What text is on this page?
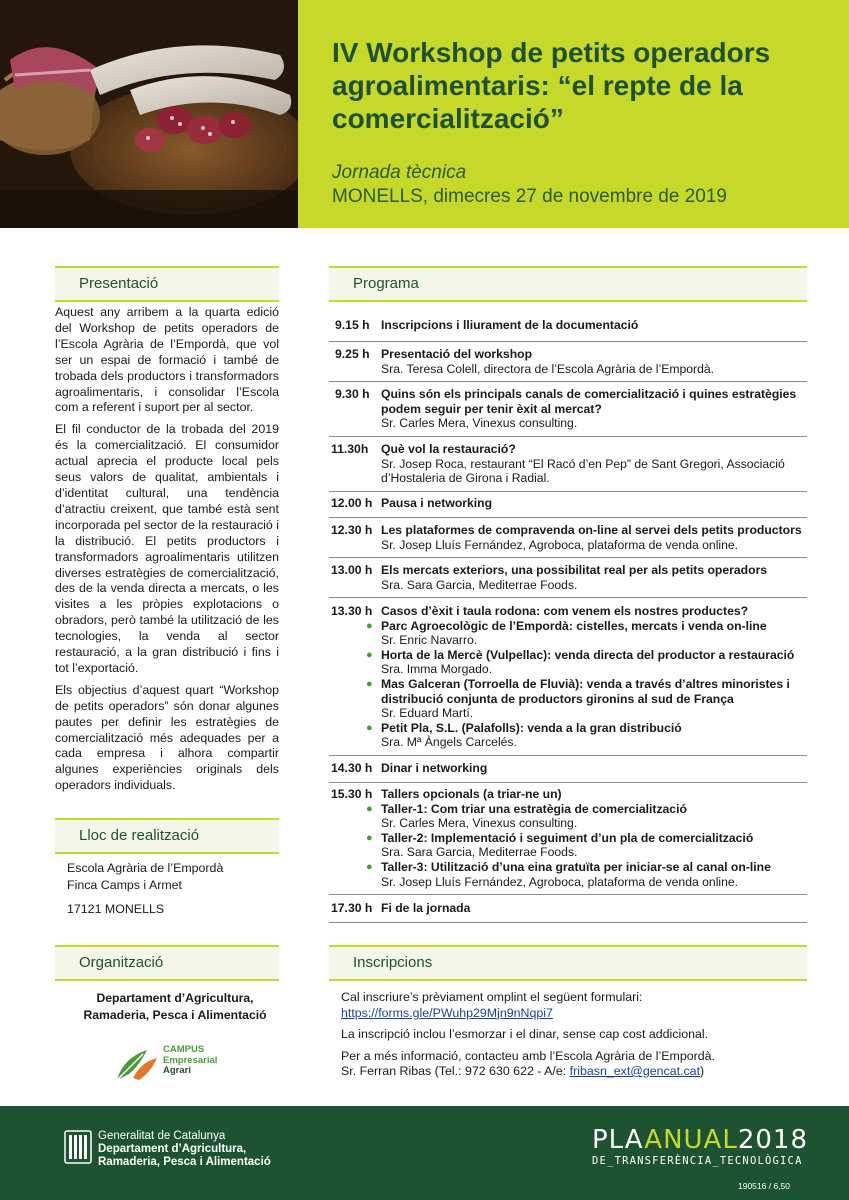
IV Workshop de petits operadors agroalimentaris: “el repte de la comercialització”
Jornada tècnica
MONELLS, dimecres 27 de novembre de 2019
Presentació

Aquest any arribem a la quarta edició del Workshop de petits operadors de l’Escola Agrària de l’Empordà, que vol ser un espai de formació i també de trobada dels productors i transformadors agroalimentaris, i consolidar l’Escola com a referent i suport per al sector.

El fil conductor de la trobada del 2019 és la comercialització. El consumidor actual aprecia el producte local pels seus valors de qualitat, ambientals i d’identitat cultural, una tendència d’atractiu creixent, que també està sent incorporada pel sector de la restauració i la distribució. El petits productors i transformadors agroalimentaris utilitzen diverses estratègies de comercialització, des de la venda directa a mercats, o les visites a les pròpies explotacions o obradors, però també la utilització de les tecnologies, la venda al sector restauració, a la gran distribució i fins i tot l’exportació.

Els objectius d’aquest quart “Workshop de petits operadors” són donar algunes pautes per definir les estratègies de comercialització més adequades per a cada empresa i alhora compartir algunes experiències originals dels operadors individuals.

Lloc de realització
Escola Agrària de l’Empordà
Finca Camps i Armet
17121 MONELLS
Organització
Departament d’Agricultura,
Ramaderia, Pesca i Alimentació
CAMPUS
Empresarial
Agrari
Programa
9.15 h Inscripcions i lliurament de la documentació
9.25 h Presentació del workshop
Sra. Teresa Colell, directora de l’Escola Agrària de l’Empordà.
9.30 h Quins són els principals canals de comercialització i quines estratègies podem seguir per tenir èxit al mercat?
Sr. Carles Mera, Vinexus consulting.
11.30h Què vol la restauració?
Sr. Josep Roca, restaurant “El Racó d’en Pep” de Sant Gregori, Associació d’Hostaleria de Girona i Radial.
12.00 h Pausa i networking
12.30 h Les plataformes de compravenda on-line al servei dels petits productors
Sr. Josep Lluís Fernández, Agroboca, plataforma de venda online.
13.00 h Els mercats exteriors, una possibilitat real per als petits operadors
Sra. Sara Garcia, Mediterrae Foods.
13.30 h Casos d’èxit i taula rodona: com venem els nostres productes?
● Parc Agroecològic de l’Empordà: cistelles, mercats i venda on-line
Sr. Enric Navarro.
● Horta de la Mercè (Vulpellac): venda directa del productor a restauració
Sra. Imma Morgado.
● Mas Galceran (Torroella de Fluvià): venda a través d’altres minoristes i distribució conjunta de productors gironins al sud de França
Sr. Eduard Martí.
● Petit Pla, S.L. (Palafolls): venda a la gran distribució
Sra. Mª Àngels Carcelés.
14.30 h Dinar i networking
15.30 h Tallers opcionals (a triar-ne un)
● Taller-1: Com triar una estratègia de comercialització
Sr. Carles Mera, Vinexus consulting.
● Taller-2: Implementació i seguiment d’un pla de comercialització
Sra. Sara Garcia, Mediterrae Foods.
● Taller-3: Utilització d’una eina gratuïta per iniciar-se al canal on-line
Sr. Josep Lluís Fernández, Agroboca, plataforma de venda online.
17.30 h Fi de la jornada
Inscripcions

Cal inscriure’s prèviament omplint el següent formulari:

https://forms.gle/PWuhp29Mjn9nNqpi7

La inscripció inclou l’esmorzar i el dinar, sense cap cost addicional.

Per a més informació, contacteu amb l’Escola Agrària de l’Empordà.

Sr. Ferran Ribas (Tel.: 972 630 622 - A/e: fribasn_ext@gencat.cat)

Generalitat de Catalunya
Departament d’Agricultura,
Ramaderia, Pesca i Alimentació
PLAANUAL2018
DE_TRANSFERÈNCIA_TECNOLÒGICA
190516 / 6,50
